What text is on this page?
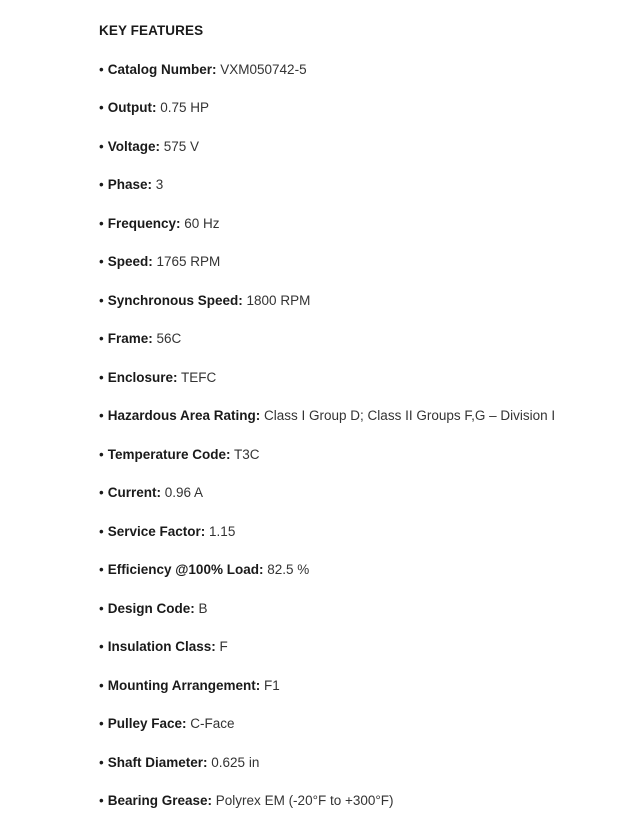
KEY FEATURES
• Catalog Number: VXM050742-5
• Output: 0.75 HP
• Voltage: 575 V
• Phase: 3
• Frequency: 60 Hz
• Speed: 1765 RPM
• Synchronous Speed: 1800 RPM
• Frame: 56C
• Enclosure: TEFC
• Hazardous Area Rating: Class I Group D; Class II Groups F,G – Division I
• Temperature Code: T3C
• Current: 0.96 A
• Service Factor: 1.15
• Efficiency @100% Load: 82.5 %
• Design Code: B
• Insulation Class: F
• Mounting Arrangement: F1
• Pulley Face: C-Face
• Shaft Diameter: 0.625 in
• Bearing Grease: Polyrex EM (-20°F to +300°F)
